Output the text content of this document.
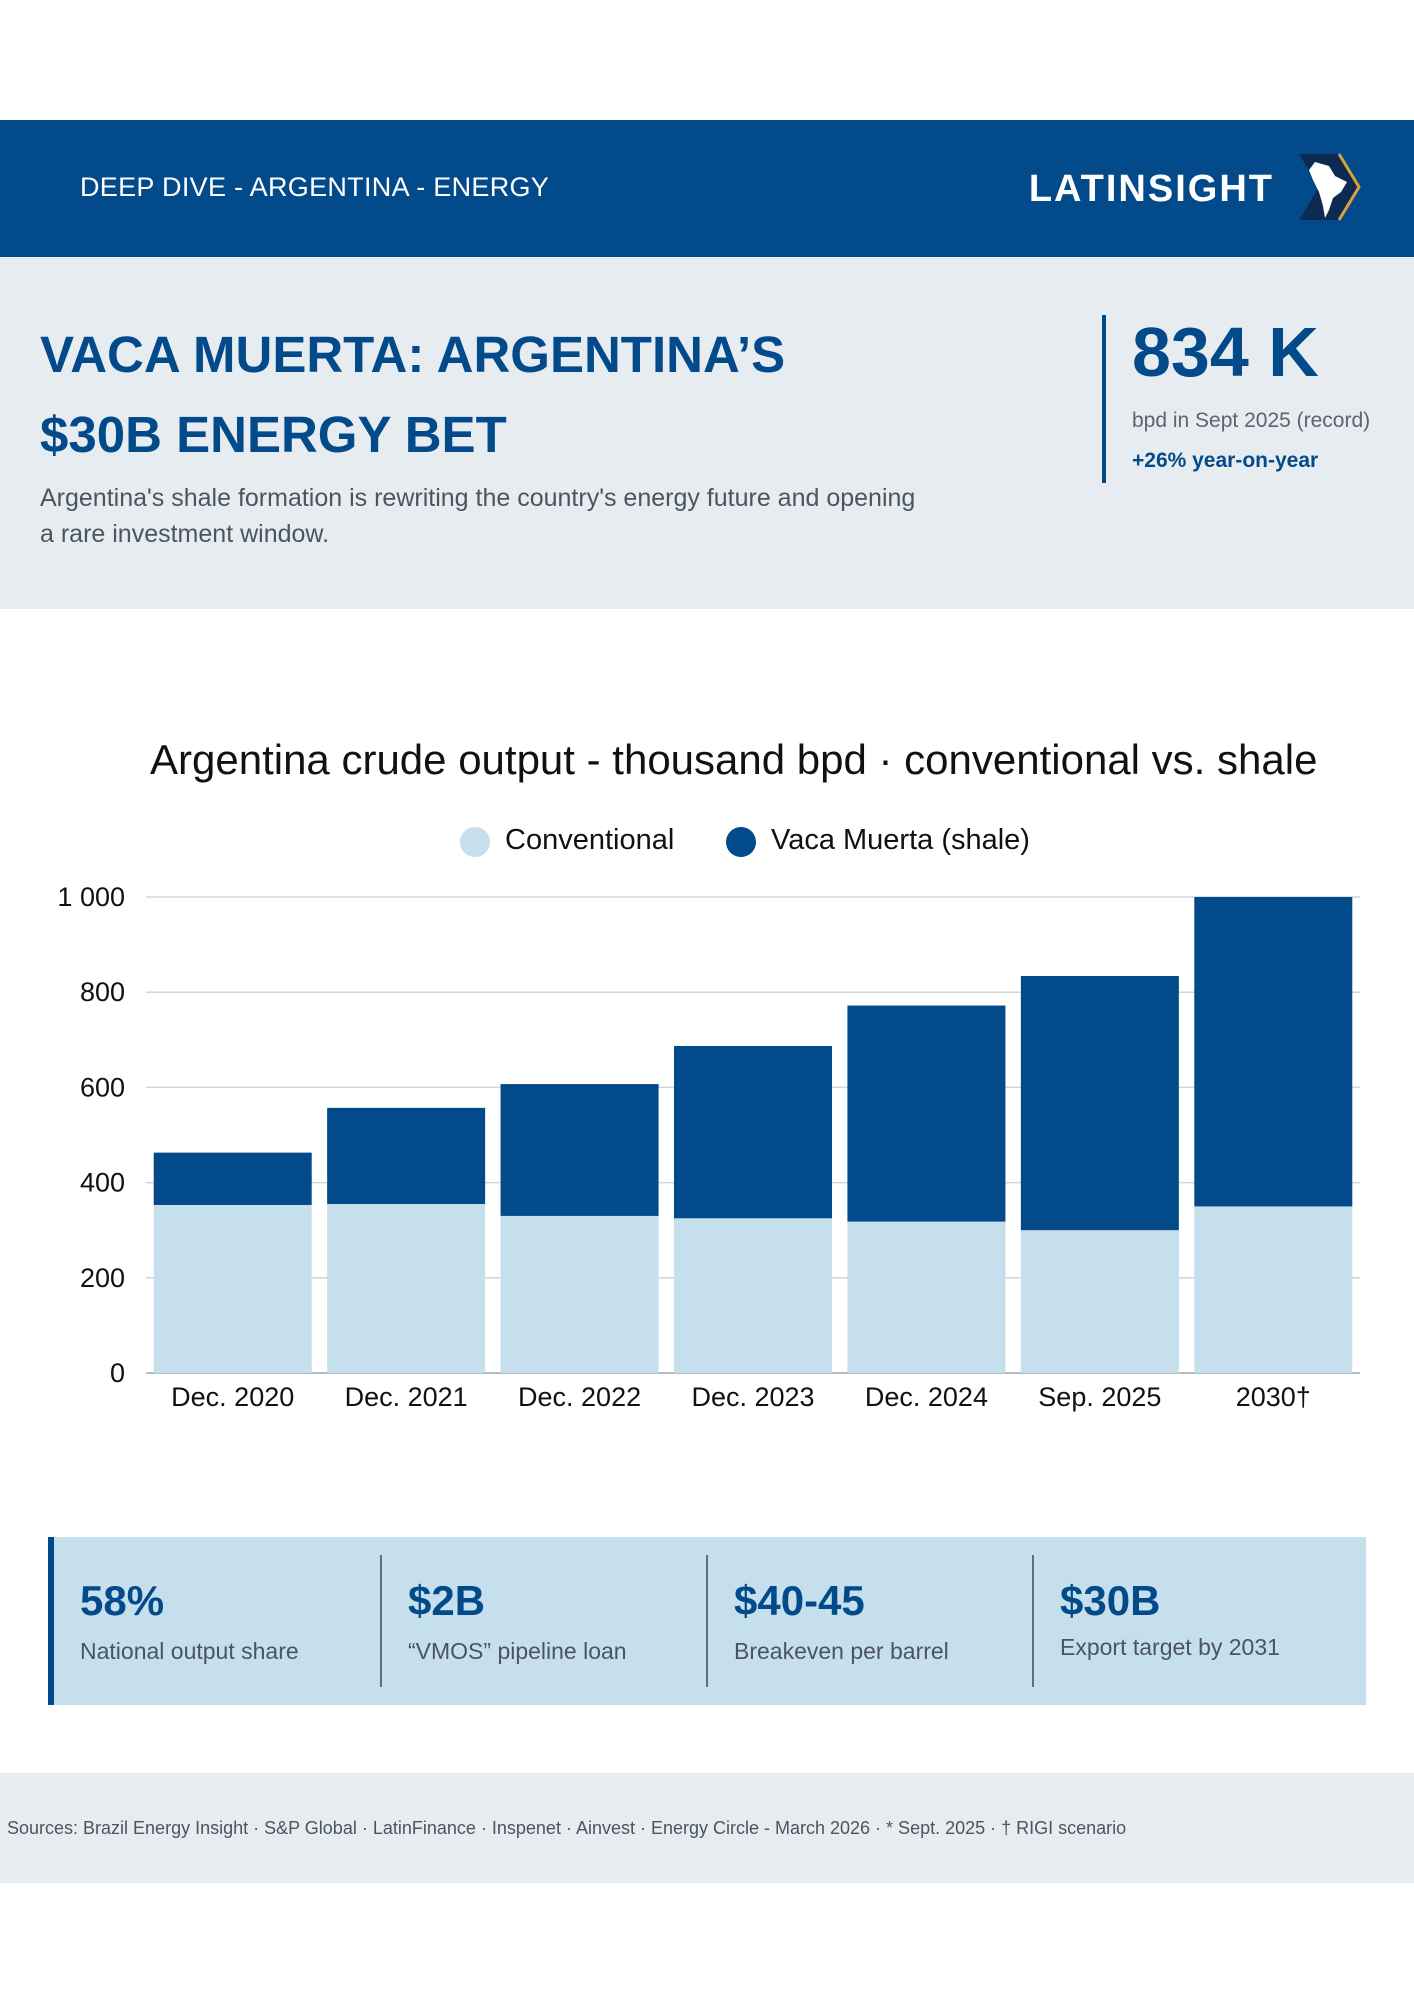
DEEP DIVE - ARGENTINA - ENERGY	LATINSIGHT
VACA MUERTA: ARGENTINA’S
$30B ENERGY BET

Argentina's shale formation is rewriting the country's energy future and opening a rare investment window.

834 K
bpd in Sept 2025 (record)
+26% year-on-year
Argentina crude output - thousand bpd · conventional vs. shale
Conventional	Vaca Muerta (shale)
0
200
400
600
800
1 000
Dec. 2020 Dec. 2021 Dec. 2022 Dec. 2023 Dec. 2024 Sep. 2025	2030†
58%
National output share
$2B
“VMOS” pipeline loan
$40-45
Breakeven per barrel
$30B
Export target by 2031
Sources: Brazil Energy Insight · S&P Global · LatinFinance · Inspenet · Ainvest · Energy Circle - March 2026 · * Sept. 2025 · † RIGI scenario
